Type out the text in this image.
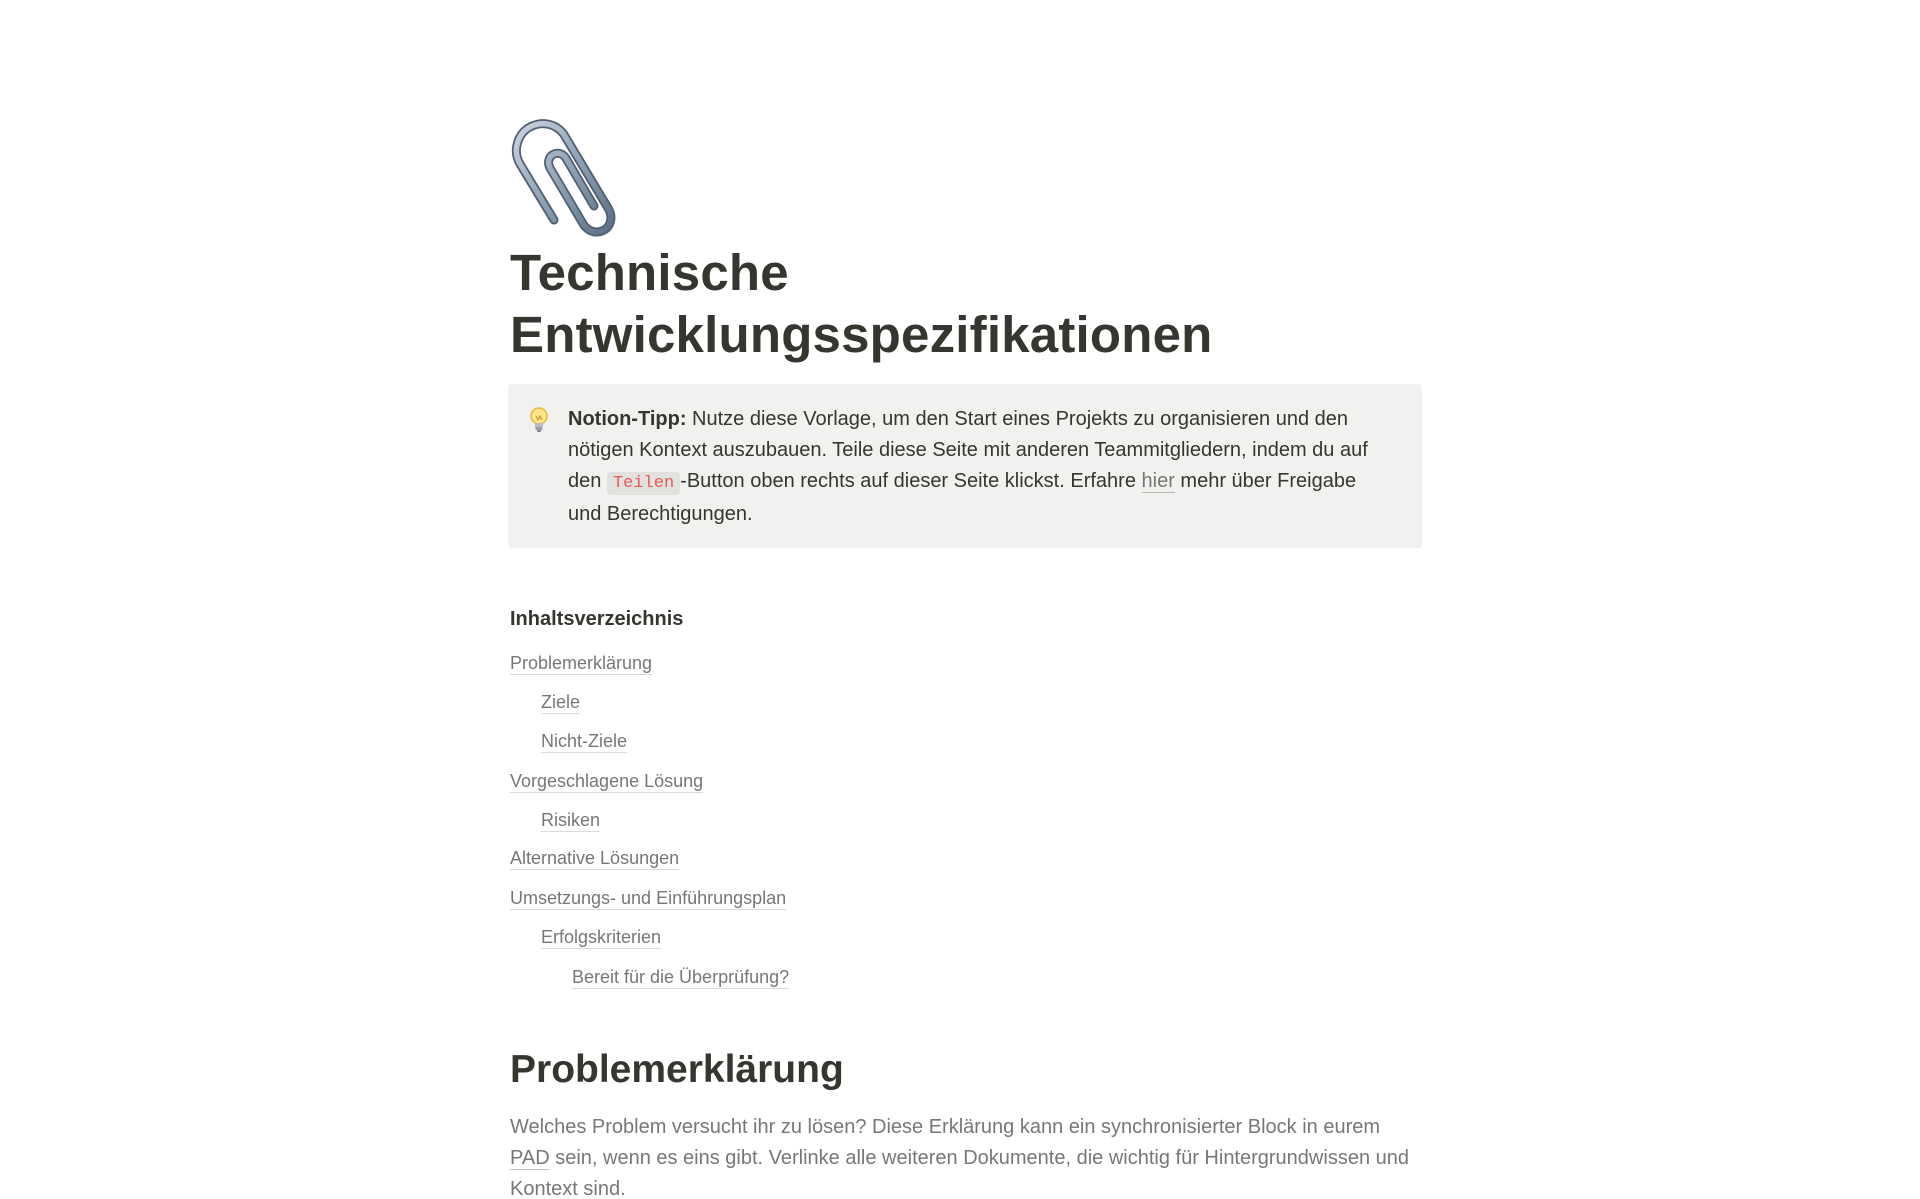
Technische
Entwicklungsspezifikationen
Notion-Tipp: Nutze diese Vorlage, um den Start eines Projekts zu organisieren und den nötigen Kontext auszubauen. Teile diese Seite mit anderen Teammitgliedern, indem du auf den Teilen -Button oben rechts auf dieser Seite klickst. Erfahre hier mehr über Freigabe und Berechtigungen.
Inhaltsverzeichnis
Problemerklärung
Ziele
Nicht-Ziele
Vorgeschlagene Lösung
Risiken
Alternative Lösungen
Umsetzungs- und Einführungsplan
Erfolgskriterien
Bereit für die Überprüfung?
Problemerklärung

Welches Problem versucht ihr zu lösen? Diese Erklärung kann ein synchronisierter Block in eurem PAD sein, wenn es eins gibt. Verlinke alle weiteren Dokumente, die wichtig für Hintergrundwissen und Kontext sind.
